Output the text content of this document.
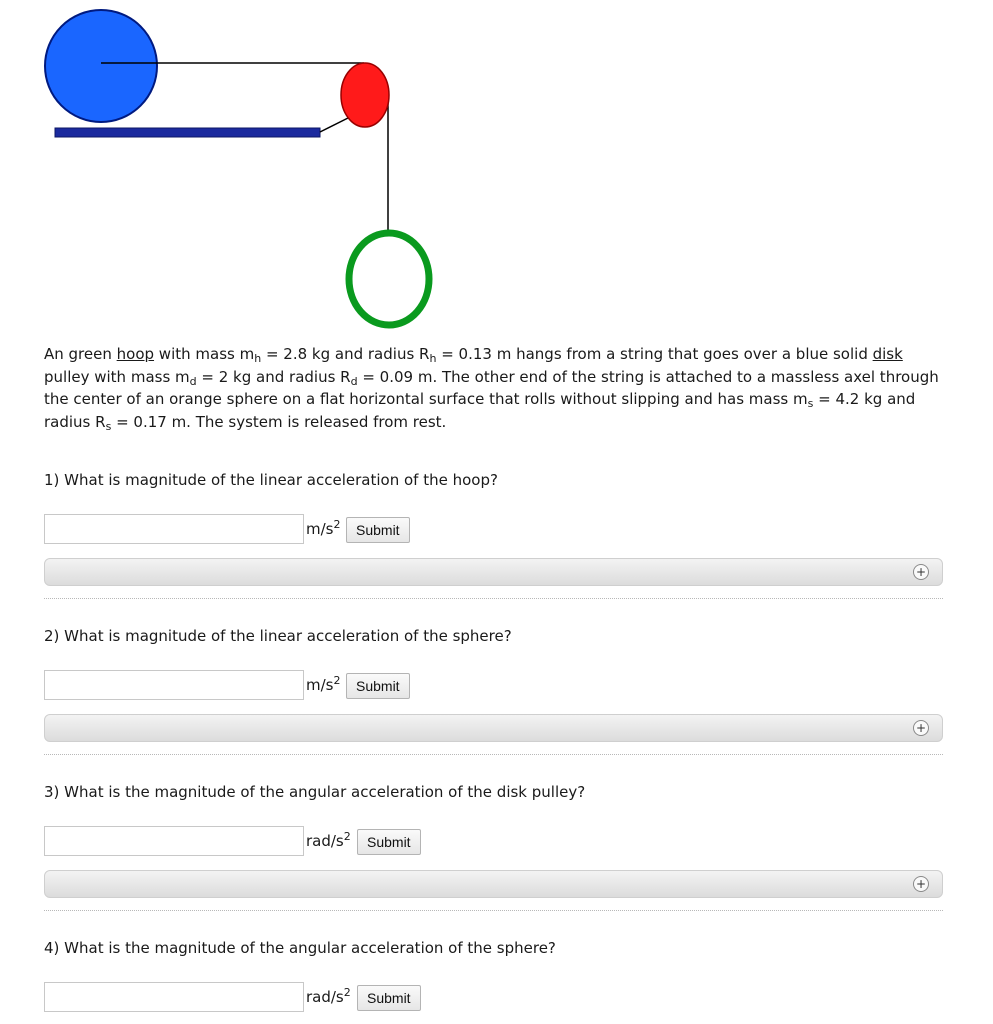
An green hoop with mass $m_h = 2.8$ kg and radius $R_h = 0.13$ m hangs from a string that goes over a blue solid disk pulley with mass $m_d = 2$ kg and radius $R_d = 0.09$ m. The other end of the string is attached to a massless axel through the center of an orange sphere on a flat horizontal surface that rolls without slipping and has mass $m_s = 4.2$ kg and radius $R_s = 0.17$ m. The system is released from rest.
1) What is magnitude of the linear acceleration of the hoop?
$m/s^2$	Submit
+
2) What is magnitude of the linear acceleration of the sphere?
$m/s^2$	Submit
+
3) What is the magnitude of the angular acceleration of the disk pulley?
rad/$s^2$	Submit
+
4) What is the magnitude of the angular acceleration of the sphere?
rad/$s^2$	Submit
